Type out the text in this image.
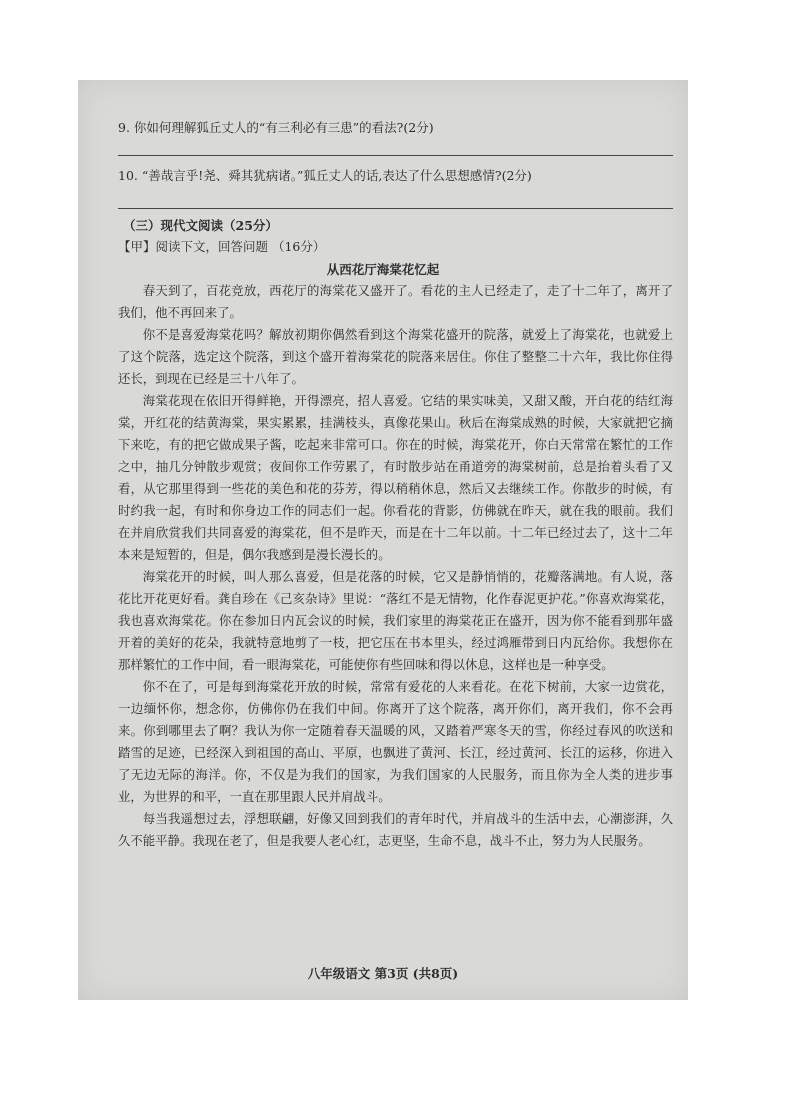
9. 你如何理解狐丘丈人的“有三利必有三患”的看法?(2分)
10. “善哉言乎!尧、舜其犹病诸。”狐丘丈人的话,表达了什么思想感情?(2分)
（三）现代文阅读（25分）
【甲】阅读下文，回答问题 （16分）
从西花厅海棠花忆起

春天到了，百花竞放，西花厅的海棠花又盛开了。看花的主人已经走了，走了十二年了，离开了我们，他不再回来了。

你不是喜爱海棠花吗？解放初期你偶然看到这个海棠花盛开的院落，就爱上了海棠花，也就爱上了这个院落，选定这个院落，到这个盛开着海棠花的院落来居住。你住了整整二十六年，我比你住得还长，到现在已经是三十八年了。

海棠花现在依旧开得鲜艳，开得漂亮，招人喜爱。它结的果实味美，又甜又酸，开白花的结红海棠，开红花的结黄海棠，果实累累，挂满枝头，真像花果山。秋后在海棠成熟的时候，大家就把它摘下来吃，有的把它做成果子酱，吃起来非常可口。你在的时候，海棠花开，你白天常常在繁忙的工作之中，抽几分钟散步观赏；夜间你工作劳累了，有时散步站在甬道旁的海棠树前，总是抬着头看了又看，从它那里得到一些花的美色和花的芬芳，得以稍稍休息，然后又去继续工作。你散步的时候，有时约我一起，有时和你身边工作的同志们一起。你看花的背影，仿佛就在昨天，就在我的眼前。我们在并肩欣赏我们共同喜爱的海棠花，但不是昨天，而是在十二年以前。十二年已经过去了，这十二年本来是短暂的，但是，偶尔我感到是漫长漫长的。

海棠花开的时候，叫人那么喜爱，但是花落的时候，它又是静悄悄的，花瓣落满地。有人说，落花比开花更好看。龚自珍在《己亥杂诗》里说：“落红不是无情物，化作春泥更护花。”你喜欢海棠花，我也喜欢海棠花。你在参加日内瓦会议的时候，我们家里的海棠花正在盛开，因为你不能看到那年盛开着的美好的花朵，我就特意地剪了一枝，把它压在书本里头，经过鸿雁带到日内瓦给你。我想你在那样繁忙的工作中间，看一眼海棠花，可能使你有些回味和得以休息，这样也是一种享受。

你不在了，可是每到海棠花开放的时候，常常有爱花的人来看花。在花下树前，大家一边赏花，一边缅怀你，想念你，仿佛你仍在我们中间。你离开了这个院落，离开你们，离开我们，你不会再来。你到哪里去了啊？我认为你一定随着春天温暖的风，又踏着严寒冬天的雪，你经过春风的吹送和踏雪的足迹，已经深入到祖国的高山、平原，也飘进了黄河、长江，经过黄河、长江的运移，你进入了无边无际的海洋。你，不仅是为我们的国家，为我们国家的人民服务，而且你为全人类的进步事业，为世界的和平，一直在那里跟人民并肩战斗。

每当我遥想过去，浮想联翩，好像又回到我们的青年时代，并肩战斗的生活中去，心潮澎湃，久久不能平静。我现在老了，但是我要人老心红，志更坚，生命不息，战斗不止，努力为人民服务。

八年级语文 第3页 (共8页)
